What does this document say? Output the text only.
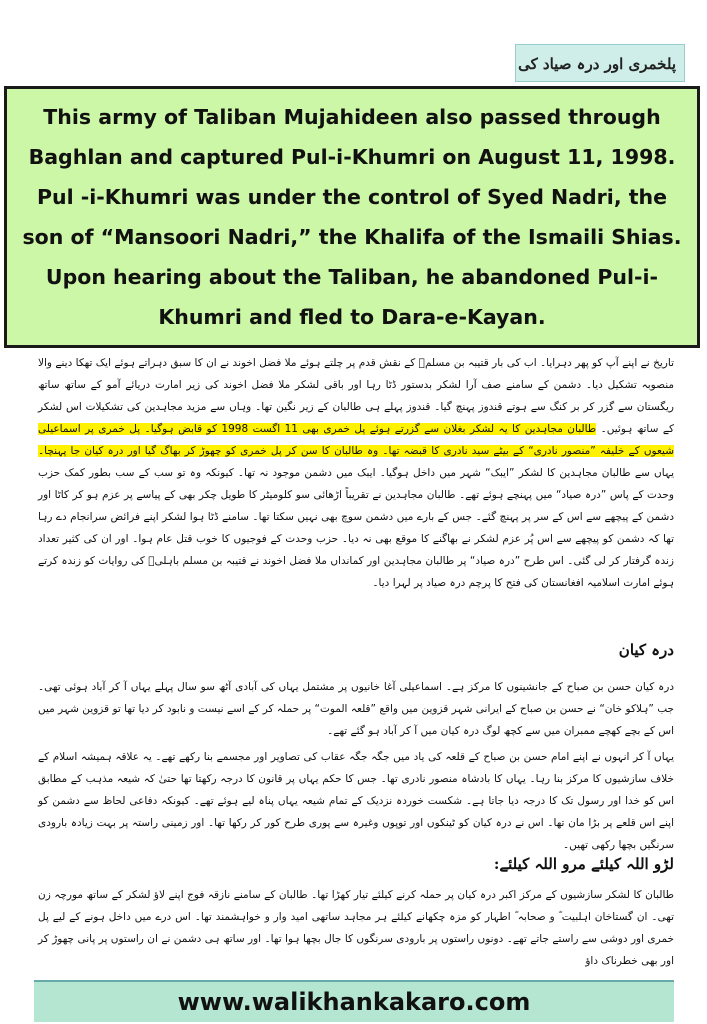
پلخمری اور درہ صیاد کی
This army of Taliban Mujahideen also passed through Baghlan and captured Pul-i-Khumri on August 11, 1998. Pul -i-Khumri was under the control of Syed Nadri, the son of “Mansoori Nadri,” the Khalifa of the Ismaili Shias. Upon hearing about the Taliban, he abandoned Pul-i-Khumri and fled to Dara-e-Kayan.
تاریخ نے اپنے آپ کو پھر دہرایا۔ اب کی بار قتیبہ بن مسلمؒ کے نقش قدم پر چلتے ہوئے ملا فضل اخوند نے ان کا سبق دہراتے ہوئے ایک تھکا دینے والا منصوبہ تشکیل دیا۔ دشمن کے سامنے صف آرا لشکر بدستور ڈٹا رہا اور باقی لشکر ملا فضل اخوند کی زیر امارت دریائے آمو کے ساتھ ساتھ ریگستان سے گزر کر بر کنگ سے ہوتے قندوز پہنچ گیا۔ قندوز پہلے ہی طالبان کے زیر نگین تھا۔ وہاں سے مزید مجاہدین کی تشکیلات اس لشکر کے ساتھ ہوئیں۔ طالبان مجاہدین کا یہ لشکر بغلان سے گزرتے ہوئے پل خمری بھی 11 اگست 1998 کو قابض ہوگیا۔ پل خمری پر اسماعیلی شیعوں کے خلیفہ ”منصور نادری“ کے بیٹے سید نادری کا قبضہ تھا۔ وہ طالبان کا سن کر پل خمری کو چھوڑ کر بھاگ گیا اور درہ کیان جا پہنچا۔ یہاں سے طالبان مجاہدین کا لشکر ”ایبک“ شہر میں داخل ہوگیا۔ ایبک میں دشمن موجود نہ تھا۔ کیونکہ وہ تو سب کے سب بطور کمک حزب وحدت کے پاس ”درہ صیاد“ میں پہنچے ہوئے تھے۔ طالبان مجاہدین نے تقریباً اڑھائی سو کلومیٹر کا طویل چکر بھی کے پیاسے پر عزم ہو کر کاٹا اور دشمن کے پیچھے سے اس کے سر پر پہنچ گئے۔ جس کے بارے میں دشمن سوچ بھی نہیں سکتا تھا۔ سامنے ڈٹا ہوا لشکر اپنے فرائض سرانجام دے رہا تھا کہ دشمن کو پیچھے سے اس پُر عزم لشکر نے بھاگنے کا موقع بھی نہ دیا۔ حزب وحدت کے فوجیوں کا خوب قتل عام ہوا۔ اور ان کی کثیر تعداد زندہ گرفتار کر لی گئی۔ اس طرح ”درہ صیاد“ پر طالبان مجاہدین اور کمانداں ملا فضل اخوند نے قتیبہ بن مسلم باہلیؒ کی روایات کو زندہ کرتے ہوئے امارت اسلامیہ افغانستان کی فتح کا پرچم درہ صیاد پر لہرا دیا۔
درہ کیان
درہ کیان حسن بن صباح کے جانشینوں کا مرکز ہے۔ اسماعیلی آغا خانیوں پر مشتمل یہاں کی آبادی آٹھ سو سال پہلے یہاں آ کر آباد ہوئی تھی۔ جب ”ہلاکو خان“ نے حسن بن صباح کے ایرانی شہر قزوین میں واقع ”قلعہ الموت“ پر حملہ کر کے اسے نیست و نابود کر دیا تھا تو قزوین شہر میں اس کے بچے کھچے ممبران میں سے کچھ لوگ درہ کیان میں آ کر آباد ہو گئے تھے۔
یہاں آ کر انہوں نے اپنے امام حسن بن صباح کے قلعہ کی یاد میں جگہ جگہ عقاب کی تصاویر اور مجسمے بنا رکھے تھے۔ یہ علاقہ ہمیشہ اسلام کے خلاف سازشیوں کا مرکز بنا رہا۔ یہاں کا بادشاہ منصور نادری تھا۔ جس کا حکم یہاں پر قانون کا درجہ رکھتا تھا حتیٰ کہ شیعہ مذہب کے مطابق اس کو خدا اور رسول تک کا درجہ دیا جاتا ہے۔ شکست خوردہ نزدیک کے تمام شیعہ یہاں پناہ لیے ہوئے تھے۔ کیونکہ دفاعی لحاظ سے دشمن کو اپنے اس قلعے پر بڑا مان تھا۔ اس نے درہ کیان کو ٹینکوں اور توپوں وغیرہ سے پوری طرح کور کر رکھا تھا۔ اور زمینی راستہ پر بہت زیادہ بارودی سرنگیں بچھا رکھی تھیں۔
لڑو اللہ کیلئے مرو اللہ کیلئے:
طالبان کا لشکر سازشیوں کے مرکز اکبر درہ کیان پر حملہ کرنے کیلئے تیار کھڑا تھا۔ طالبان کے سامنے نازقہ فوج اپنے لاؤ لشکر کے ساتھ مورچہ زن تھی۔ ان گستاخان اہلبیت ؓ و صحابہ ؓ اطہار کو مزہ چکھانے کیلئے ہر مجاہد ساتھی امید وار و خواہشمند تھا۔ اس درے میں داخل ہونے کے لیے پل خمری اور دوشی سے راستے جاتے تھے۔ دونوں راستوں پر بارودی سرنگوں کا جال بچھا ہوا تھا۔ اور ساتھ ہی دشمن نے ان راستوں پر پانی چھوڑ کر اور بھی خطرناک داؤ
www.walikhankakaro.com
